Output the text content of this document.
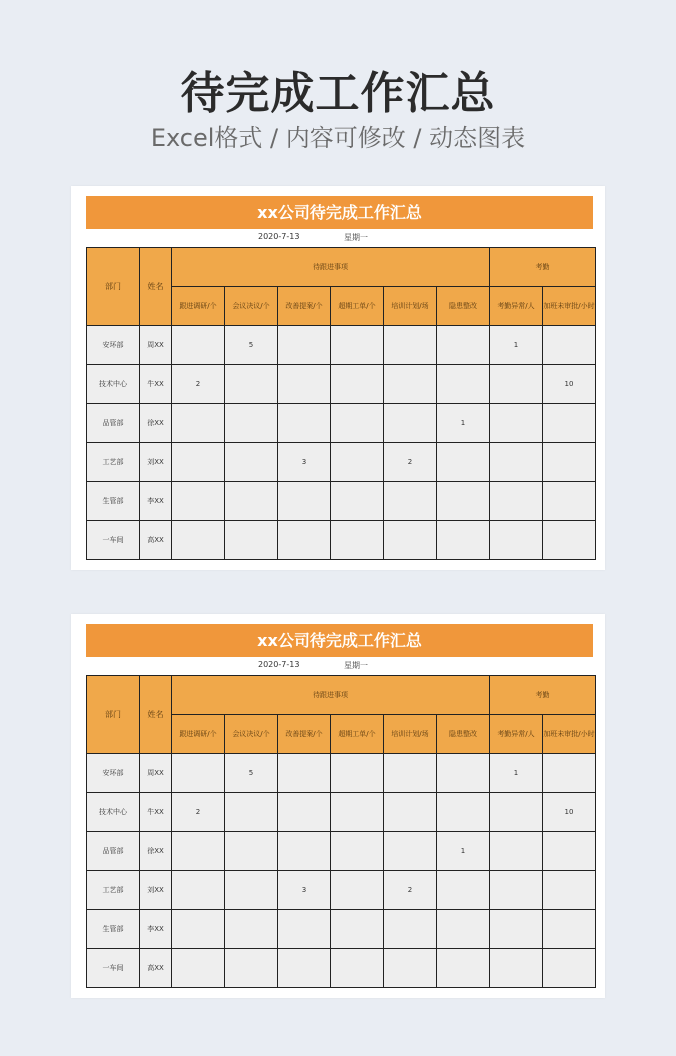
待完成工作汇总
Excel格式 / 内容可修改 / 动态图表
xx公司待完成工作汇总
2020-7-13	星期一
部门	姓名	待跟进事项						考勤	
		跟进调研/个	会议决议/个	改善提案/个	超期工单/个	培训计划/场	隐患整改	考勤异常/人	加班未审批/小时
安环部	周XX		5					1	
技术中心	牛XX	2							10
品管部	徐XX						1		
工艺部	刘XX			3		2			
生管部	李XX								
一车间	高XX								
xx公司待完成工作汇总
2020-7-13	星期一
部门	姓名	待跟进事项						考勤	
		跟进调研/个	会议决议/个	改善提案/个	超期工单/个	培训计划/场	隐患整改	考勤异常/人	加班未审批/小时
安环部	周XX		5					1	
技术中心	牛XX	2							10
品管部	徐XX						1		
工艺部	刘XX			3		2			
生管部	李XX								
一车间	高XX								
